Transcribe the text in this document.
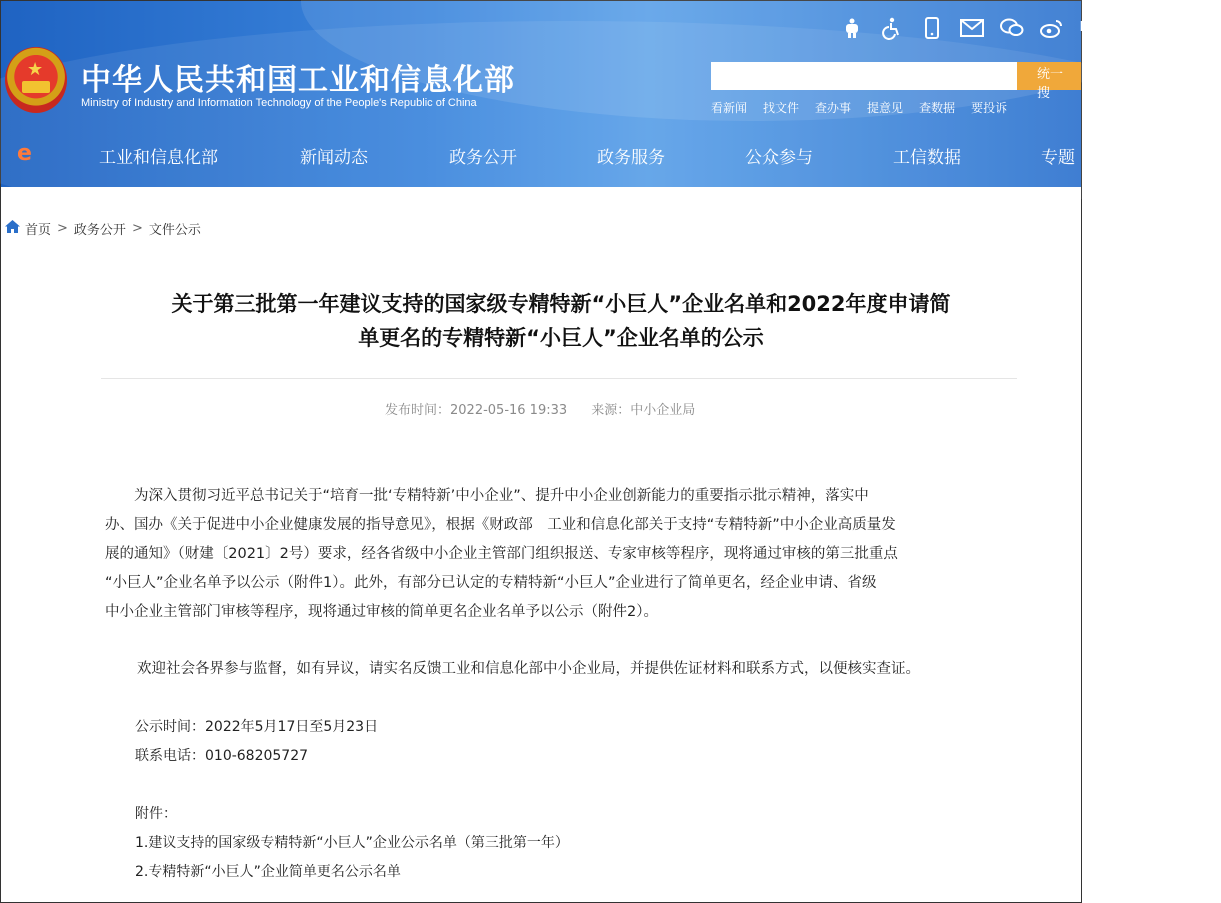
★ 中华人民共和国工业和信息化部
Ministry of Industry and Information Technology of the People's Republic of China
R
统一搜
看新闻 找文件 查办事 提意见 查数据 要投诉
e	工业和信息化部	新闻动态	政务公开	政务服务	公众参与	工信数据	专题
首页 > 政务公开 > 文件公示
关于第三批第一年建议支持的国家级专精特新“小巨人”企业名单和2022年度申请简
单更名的专精特新“小巨人”企业名单的公示
发布时间：2022-05-16 19:33 来源：中小企业局
　　为深入贯彻习近平总书记关于“培育一批‘专精特新’中小企业”、提升中小企业创新能力的重要指示批示精神，落实中
办、国办《关于促进中小企业健康发展的指导意见》，根据《财政部　工业和信息化部关于支持“专精特新”中小企业高质量发
展的通知》（财建〔2021〕2号）要求，经各省级中小企业主管部门组织报送、专家审核等程序，现将通过审核的第三批重点
“小巨人”企业名单予以公示（附件1）。此外，有部分已认定的专精特新“小巨人”企业进行了简单更名，经企业申请、省级
中小企业主管部门审核等程序，现将通过审核的简单更名企业名单予以公示（附件2）。
欢迎社会各界参与监督，如有异议，请实名反馈工业和信息化部中小企业局，并提供佐证材料和联系方式，以便核实查证。
公示时间：2022年5月17日至5月23日
联系电话：010-68205727
附件：
1.建议支持的国家级专精特新“小巨人”企业公示名单（第三批第一年）
2.专精特新“小巨人”企业简单更名公示名单
